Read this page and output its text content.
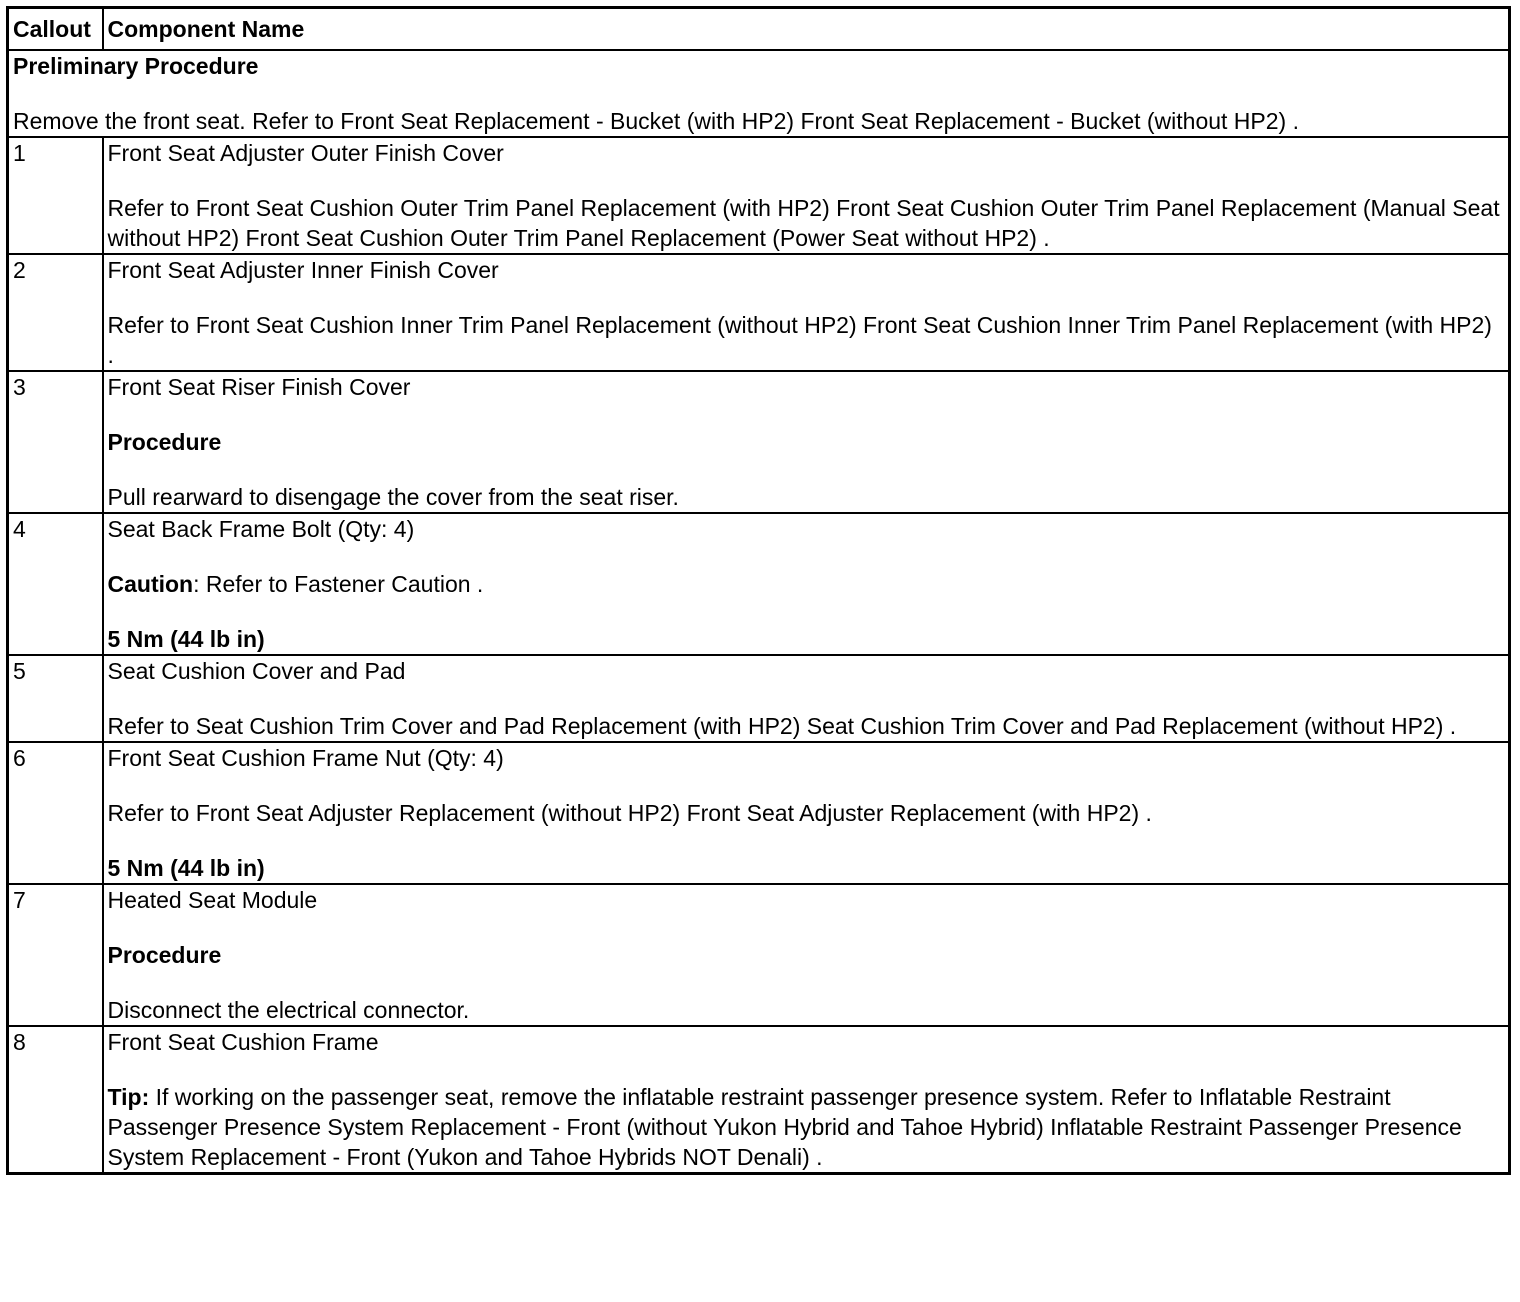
Callout	Component Name

Preliminary Procedure
Remove the front seat. Refer to Front Seat Replacement - Bucket (with HP2) Front Seat Replacement - Bucket (without HP2) .	

1	Front Seat Adjuster Outer Finish Cover
Refer to Front Seat Cushion Outer Trim Panel Replacement (with HP2) Front Seat Cushion Outer Trim Panel Replacement (Manual Seat without HP2) Front Seat Cushion Outer Trim Panel Replacement (Power Seat without HP2) .

2	Front Seat Adjuster Inner Finish Cover
Refer to Front Seat Cushion Inner Trim Panel Replacement (without HP2) Front Seat Cushion Inner Trim Panel Replacement (with HP2) .

3	Front Seat Riser Finish Cover
Procedure
Pull rearward to disengage the cover from the seat riser.

4	Seat Back Frame Bolt (Qty: 4)
Caution: Refer to Fastener Caution .
5 Nm (44 lb in)

5	Seat Cushion Cover and Pad
Refer to Seat Cushion Trim Cover and Pad Replacement (with HP2) Seat Cushion Trim Cover and Pad Replacement (without HP2) .

6	Front Seat Cushion Frame Nut (Qty: 4)
Refer to Front Seat Adjuster Replacement (without HP2) Front Seat Adjuster Replacement (with HP2) .
5 Nm (44 lb in)

7	Heated Seat Module
Procedure
Disconnect the electrical connector.

8	Front Seat Cushion Frame
Tip: If working on the passenger seat, remove the inflatable restraint passenger presence system. Refer to Inflatable Restraint Passenger Presence System Replacement - Front (without Yukon Hybrid and Tahoe Hybrid) Inflatable Restraint Passenger Presence System Replacement - Front (Yukon and Tahoe Hybrids NOT Denali) .
